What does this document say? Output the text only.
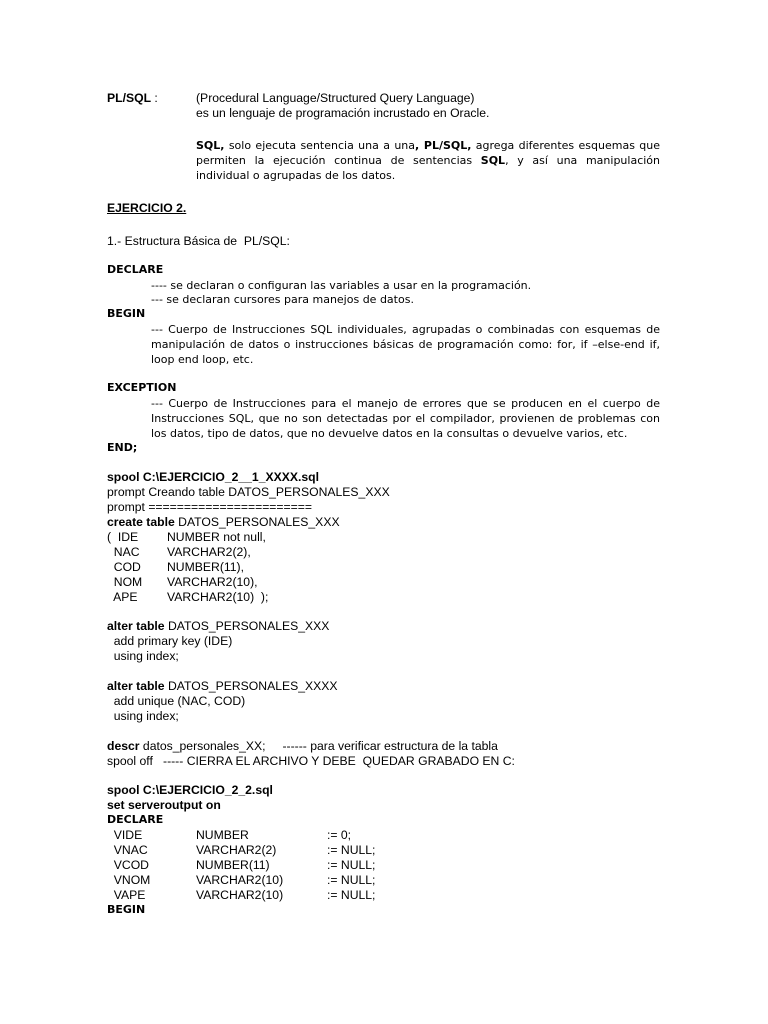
PL/SQL :	(Procedural Language/Structured Query Language)
es un lenguaje de programación incrustado en Oracle.
SQL, solo ejecuta sentencia una a una, PL/SQL, agrega diferentes esquemas que permiten la ejecución continua de sentencias SQL, y así una manipulación individual o agrupadas de los datos.
EJERCICIO 2.
1.- Estructura Básica de  PL/SQL:
DECLARE
---- se declaran o configuran las variables a usar en la programación.
--- se declaran cursores para manejos de datos.
BEGIN
--- Cuerpo de Instrucciones SQL individuales, agrupadas o combinadas con esquemas de manipulación de datos o instrucciones básicas de programación como: for, if –else-end if, loop end loop, etc.
EXCEPTION
--- Cuerpo de Instrucciones para el manejo de errores que se producen en el cuerpo de Instrucciones SQL, que no son detectadas por el compilador, provienen de problemas con los datos, tipo de datos, que no devuelve datos en la consultas o devuelve varios, etc.
END;
spool C:\EJERCICIO_2__1_XXXX.sql
prompt Creando table DATOS_PERSONALES_XXX
prompt =======================
create table DATOS_PERSONALES_XXX
(  IDE NUMBER not null,
NAC VARCHAR2(2),
COD NUMBER(11),
NOM VARCHAR2(10),
APE VARCHAR2(10)  );
alter table DATOS_PERSONALES_XXX
add primary key (IDE)
using index;
alter table DATOS_PERSONALES_XXXX
add unique (NAC, COD)
using index;
descr datos_personales_XX;     ------ para verificar estructura de la tabla
spool off   ----- CIERRA EL ARCHIVO Y DEBE  QUEDAR GRABADO EN C:
spool C:\EJERCICIO_2_2.sql
set serveroutput on
DECLARE
VIDE	NUMBER	:= 0;
VNAC	VARCHAR2(2)	:= NULL;
VCOD	NUMBER(11)	:= NULL;
VNOM	VARCHAR2(10)	:= NULL;
VAPE	VARCHAR2(10)	:= NULL;
BEGIN
